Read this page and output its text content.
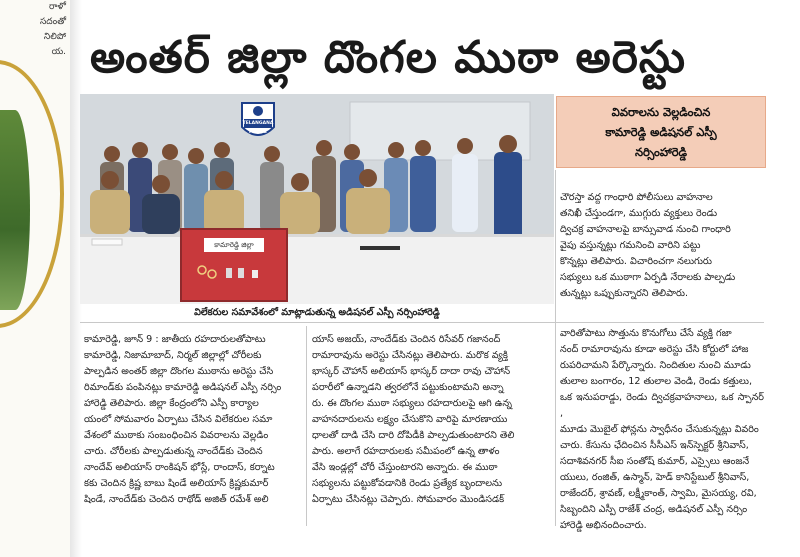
రాళో
సదంతో
నిలిపో
య. అంతర్ జిల్లా దొంగల ముఠా అరెస్టు
TELANGANA POLICE
కామారెడ్డి జిల్లా
విలేకరుల సమావేశంలో మాట్లాడుతున్న అడిషనల్ ఎస్పీ నర్సింహారెడ్డి
వివరాలను వెల్లడించిన
కామారెడ్డి అడిషనల్ ఎస్పీ
నర్సింహారెడ్డి
చౌరస్తా వద్ద గాంధారి పోలీసులు వాహనాల
తనిఖీ చేస్తుండగా, ముగ్గురు వ్యక్తులు రెండు
ద్విచక్ర వాహనాలపై బాన్సువాడ నుంచి గాంధారి
వైపు వస్తున్నట్లు గమనించి వారిని పట్టు
కొన్నట్లు తెలిపారు. విచారించగా నలుగురు
సభ్యులు ఒక ముఠాగా ఏర్పడి నేరాలకు పాల్పడు
తున్నట్లు ఒప్పుకున్నారని తెలిపారు.
కామారెడ్డి, జూన్ 9 : జాతీయ రహదారులతోపాటు
కామారెడ్డి, నిజామాబాద్, నిర్మల్ జిల్లాల్లో చోరీలకు
పాల్పడిన అంతర్ జిల్లా దొంగల ముఠాను అరెస్టు చేసి
రిమాండ్‌కు పంపినట్లు కామారెడ్డి అడిషనల్ ఎస్పీ నర్సిం
హారెడ్డి తెలిపారు. జిల్లా కేంద్రంలోని ఎస్పీ కార్యాల
యంలో సోమవారం ఏర్పాటు చేసిన విలేకరుల సమా
వేశంలో ముఠాకు సంబంధించిన వివరాలను వెల్లడిం
చారు. చోరీలకు పాల్పడుతున్న నాందేడ్‌కు చెందిన
నాందేవ్ అలియాస్ రాంకిషన్ భోస్లే, రాందాస్, కర్నాట
కకు చెందిన క్రిష్ణ బాబు షిండే అలియాస్ క్రిష్ణకుమార్
షిండే, నాందేడ్‌కు చెందిన రాథోడ్ అజిత్ రమేశ్ అలి
యాస్ అజయ్, నాందేడ్‌కు చెందిన రిసేవర్ గజానంద్
రామారావును అరెస్టు చేసినట్లు తెలిపారు. మరొక వ్యక్తి
భాస్కర్ చౌహాన్ అలియాస్ భాస్కర్ దాదా రావు చౌహాన్
పరారీలో ఉన్నాడని త్వరలోనే పట్టుకుంటామని అన్నా
రు. ఈ దొంగల ముఠా సభ్యులు రహదారులపై ఆగి ఉన్న
వాహనదారులను లక్ష్యం చేసుకొని వారిపై మారణాయు
ధాలతో దాడి చేసి దారి దోపిడీకి పాల్పడుతుంటారని తెలి
పారు. అలాగే రహదారులకు సమీపంలో ఉన్న తాళం
వేసి ఇండ్లల్లో చోరీ చేస్తుంటారని అన్నారు. ఈ ముఠా
సభ్యులను పట్టుకోవడానికి రెండు ప్రత్యేక బృందాలను
ఏర్పాటు చేసినట్లు చెప్పారు. సోమవారం మొండిసడక్
వారితోపాటు సొత్తును కొనుగోలు చేసే వ్యక్తి గజా
నంద్ రామారావును కూడా అరెస్టు చేసి కోర్టులో హాజ
రుపరిచామని పేర్కొన్నారు. నిందితుల నుంచి మూడు
తులాల బంగారం, 12 తులాల వెండి, రెండు కత్తులు,
ఒక ఇనుపరాడ్డు, రెండు ద్విచక్రవాహనాలు, ఒక స్పానర్ ,
మూడు మొబైల్ ఫోన్లను స్వాధీనం చేసుకున్నట్లు వివరిం
చారు. కేసును ఛేదించిన సీసీఎస్ ఇన్‌స్పెక్టర్ శ్రీనివాస్,
సదాశివనగర్ సీఐ సంతోష్ కుమార్, ఎస్సైలు ఆంజనే
యులు, రంజిత్, ఉస్మాన్, హెడ్ కానిస్టేబుల్ శ్రీనివాస్,
రాజేందర్, శ్రావణ్, లక్ష్మీకాంత్, స్వామి, మైసయ్య, రవి,
సిబ్బందిని ఎస్పీ రాజేశ్ చంద్ర, అడిషనల్ ఎస్పీ నర్సిం
హారెడ్డి అభినందించారు.
